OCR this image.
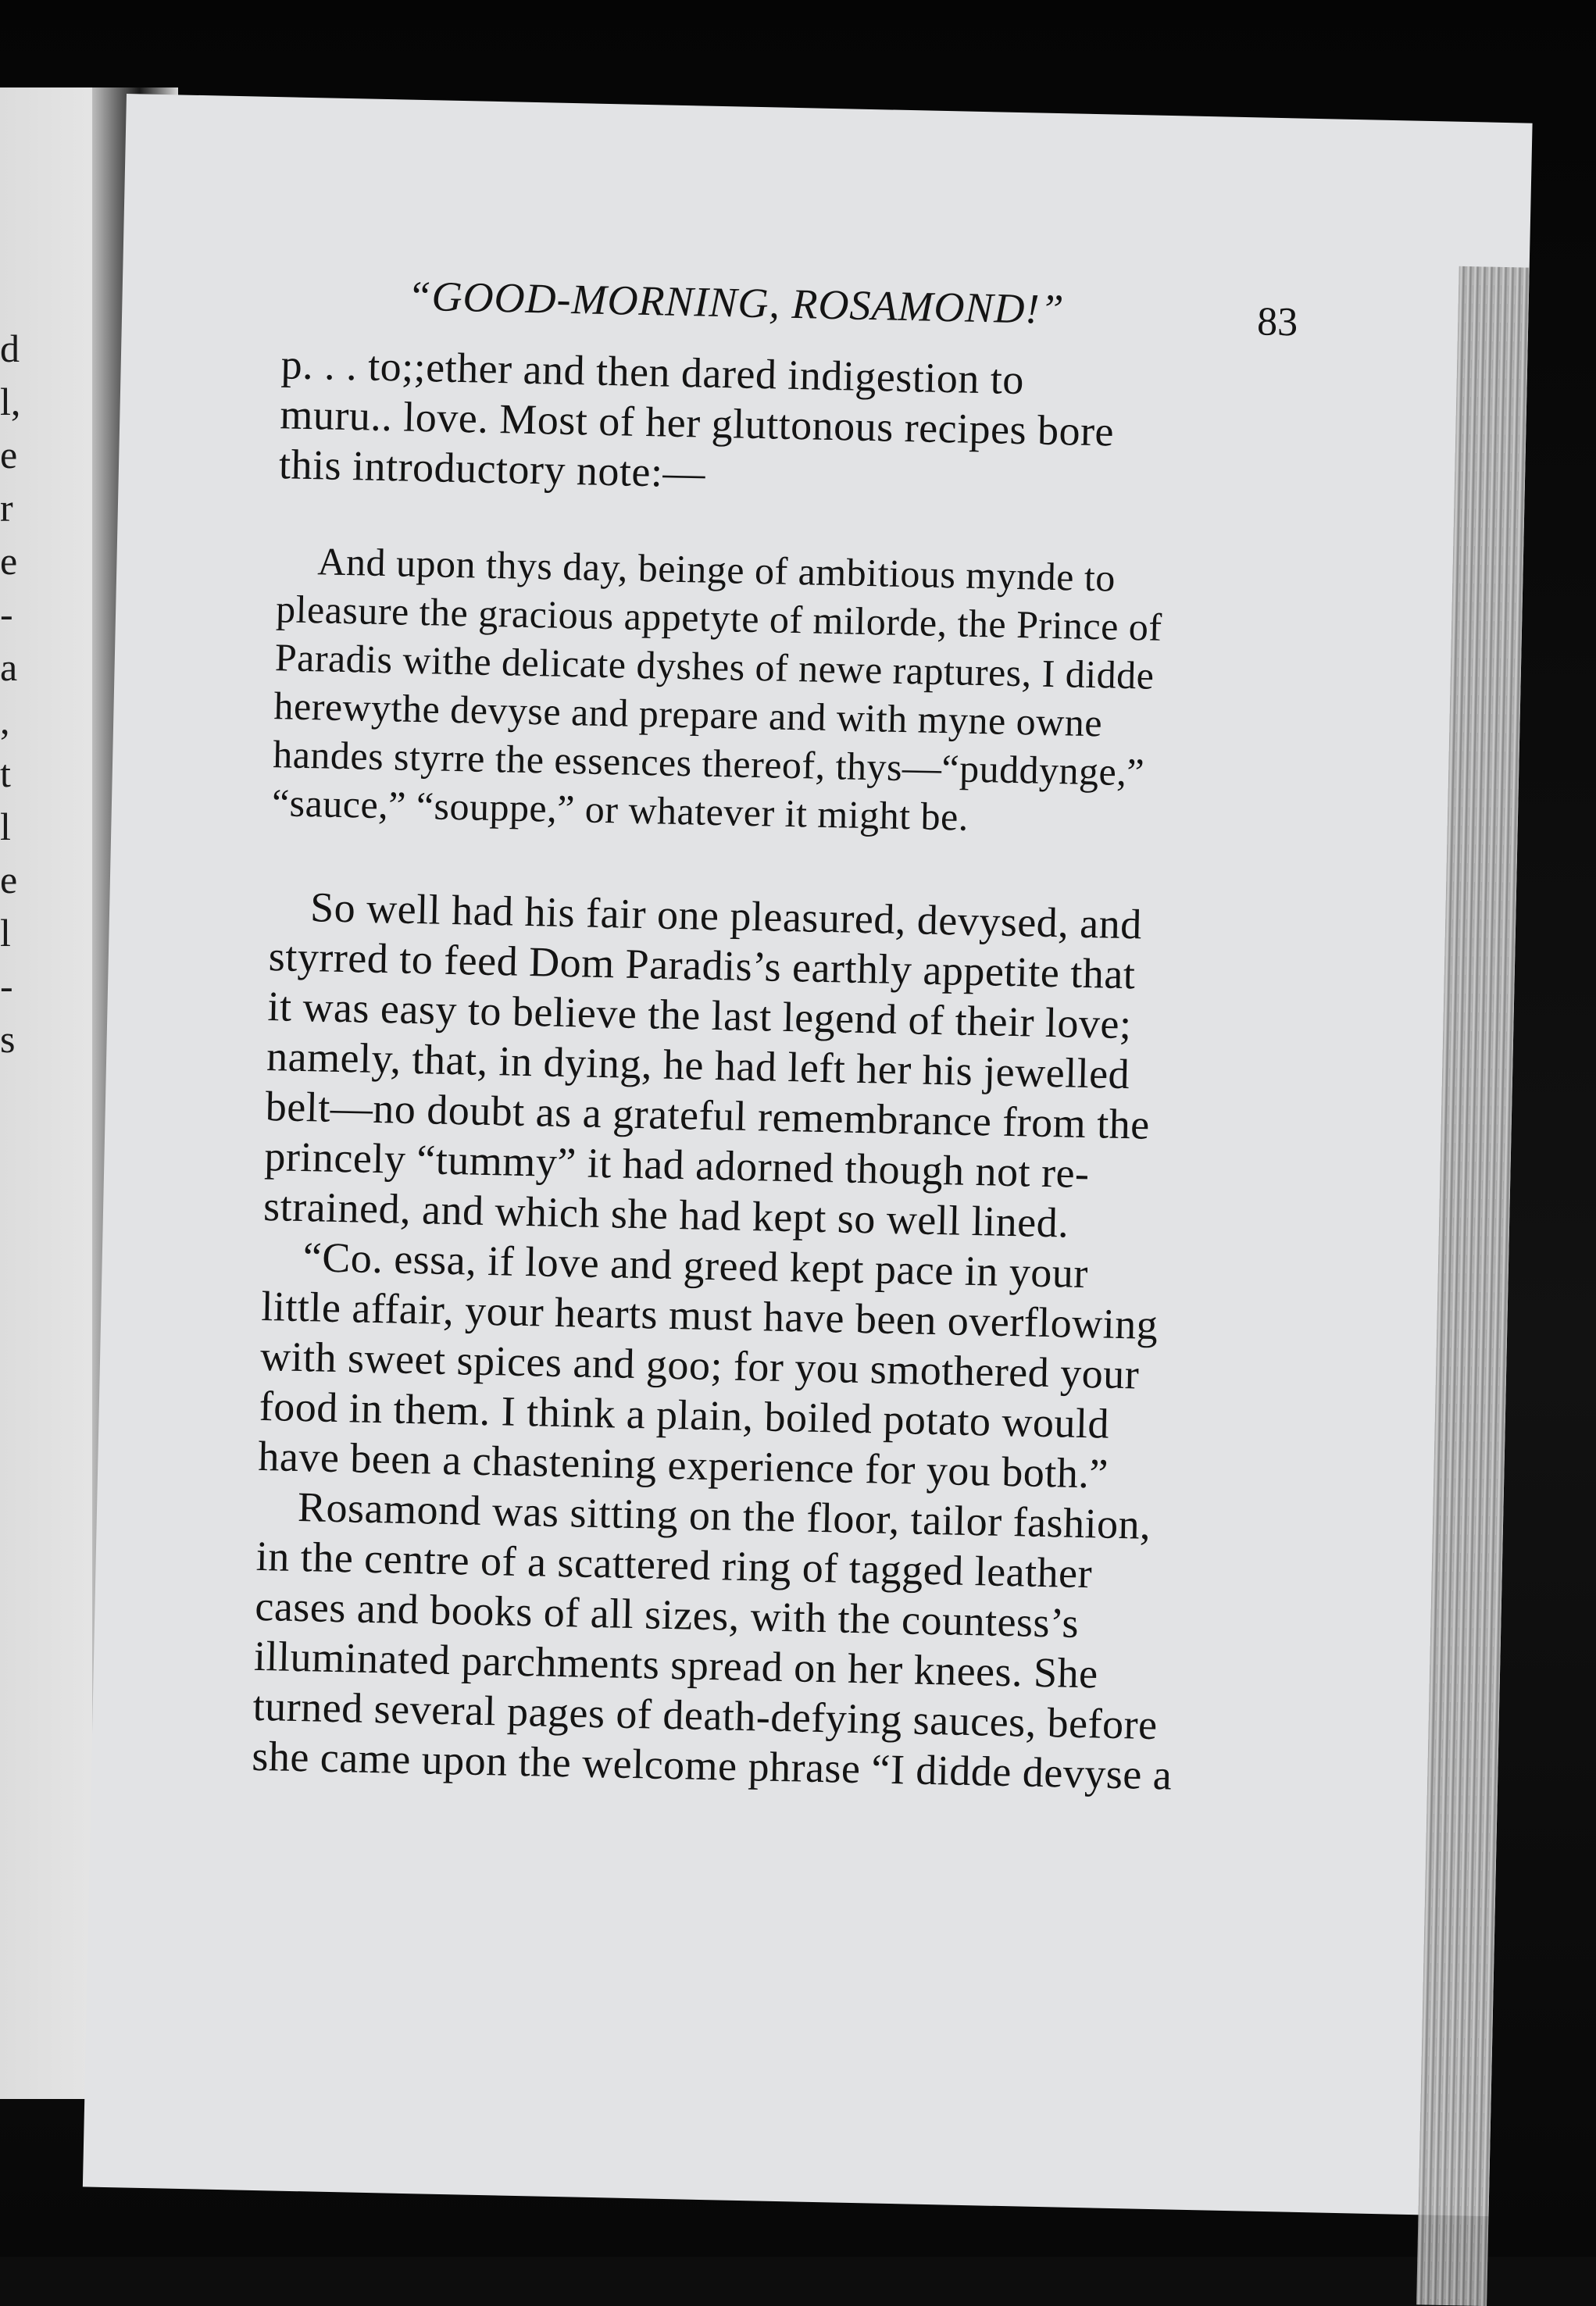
d
l,
e
r
e
-
a
,
t
l
e
l
-
s
“GOOD-MORNING, ROSAMOND!”	83
p. . . to;;ether and then dared indigestion to
muru.. love. Most of her gluttonous recipes bore
this introductory note:—
And upon thys day, beinge of ambitious mynde to
pleasure the gracious appetyte of milorde, the Prince of
Paradis withe delicate dyshes of newe raptures, I didde
herewythe devyse and prepare and with myne owne
handes styrre the essences thereof, thys—“puddynge,”
“sauce,” “souppe,” or whatever it might be.
So well had his fair one pleasured, devysed, and
styrred to feed Dom Paradis’s earthly appetite that
it was easy to believe the last legend of their love;
namely, that, in dying, he had left her his jewelled
belt—no doubt as a grateful remembrance from the
princely “tummy” it had adorned though not re-
strained, and which she had kept so well lined.
“Co. essa, if love and greed kept pace in your
little affair, your hearts must have been overflowing
with sweet spices and goo; for you smothered your
food in them. I think a plain, boiled potato would
have been a chastening experience for you both.”
Rosamond was sitting on the floor, tailor fashion,
in the centre of a scattered ring of tagged leather
cases and books of all sizes, with the countess’s
illuminated parchments spread on her knees. She
turned several pages of death-defying sauces, before
she came upon the welcome phrase “I didde devyse a
